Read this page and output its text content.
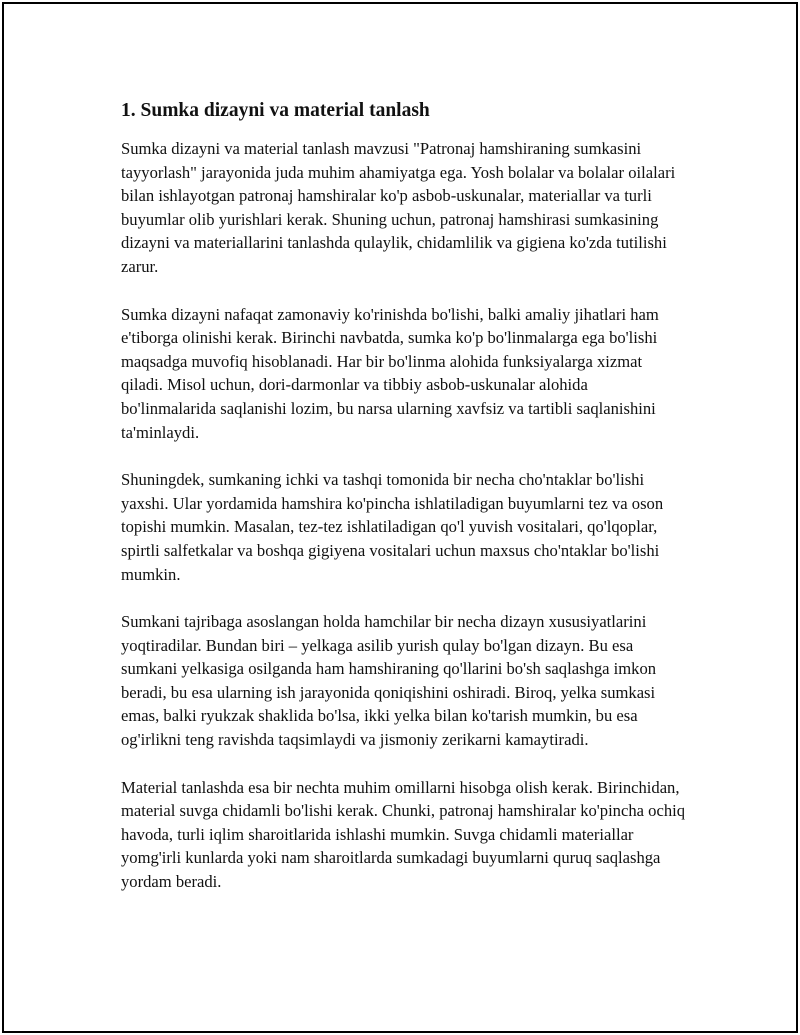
1. Sumka dizayni va material tanlash

Sumka dizayni va material tanlash mavzusi "Patronaj hamshiraning sumkasini tayyorlash" jarayonida juda muhim ahamiyatga ega. Yosh bolalar va bolalar oilalari bilan ishlayotgan patronaj hamshiralar ko'p asbob-uskunalar, materiallar va turli buyumlar olib yurishlari kerak. Shuning uchun, patronaj hamshirasi sumkasining dizayni va materiallarini tanlashda qulaylik, chidamlilik va gigiena ko'zda tutilishi zarur.

Sumka dizayni nafaqat zamonaviy ko'rinishda bo'lishi, balki amaliy jihatlari ham e'tiborga olinishi kerak. Birinchi navbatda, sumka ko'p bo'linmalarga ega bo'lishi maqsadga muvofiq hisoblanadi. Har bir bo'linma alohida funksiyalarga xizmat qiladi. Misol uchun, dori-darmonlar va tibbiy asbob-uskunalar alohida bo'linmalarida saqlanishi lozim, bu narsa ularning xavfsiz va tartibli saqlanishini ta'minlaydi.

Shuningdek, sumkaning ichki va tashqi tomonida bir necha cho'ntaklar bo'lishi yaxshi. Ular yordamida hamshira ko'pincha ishlatiladigan buyumlarni tez va oson topishi mumkin. Masalan, tez-tez ishlatiladigan qo'l yuvish vositalari, qo'lqoplar, spirtli salfetkalar va boshqa gigiyena vositalari uchun maxsus cho'ntaklar bo'lishi mumkin.

Sumkani tajribaga asoslangan holda hamchilar bir necha dizayn xususiyatlarini yoqtiradilar. Bundan biri – yelkaga asilib yurish qulay bo'lgan dizayn. Bu esa sumkani yelkasiga osilganda ham hamshiraning qo'llarini bo'sh saqlashga imkon beradi, bu esa ularning ish jarayonida qoniqishini oshiradi. Biroq, yelka sumkasi emas, balki ryukzak shaklida bo'lsa, ikki yelka bilan ko'tarish mumkin, bu esa og'irlikni teng ravishda taqsimlaydi va jismoniy zerikarni kamaytiradi.

Material tanlashda esa bir nechta muhim omillarni hisobga olish kerak. Birinchidan, material suvga chidamli bo'lishi kerak. Chunki, patronaj hamshiralar ko'pincha ochiq havoda, turli iqlim sharoitlarida ishlashi mumkin. Suvga chidamli materiallar yomg'irli kunlarda yoki nam sharoitlarda sumkadagi buyumlarni quruq saqlashga yordam beradi.
